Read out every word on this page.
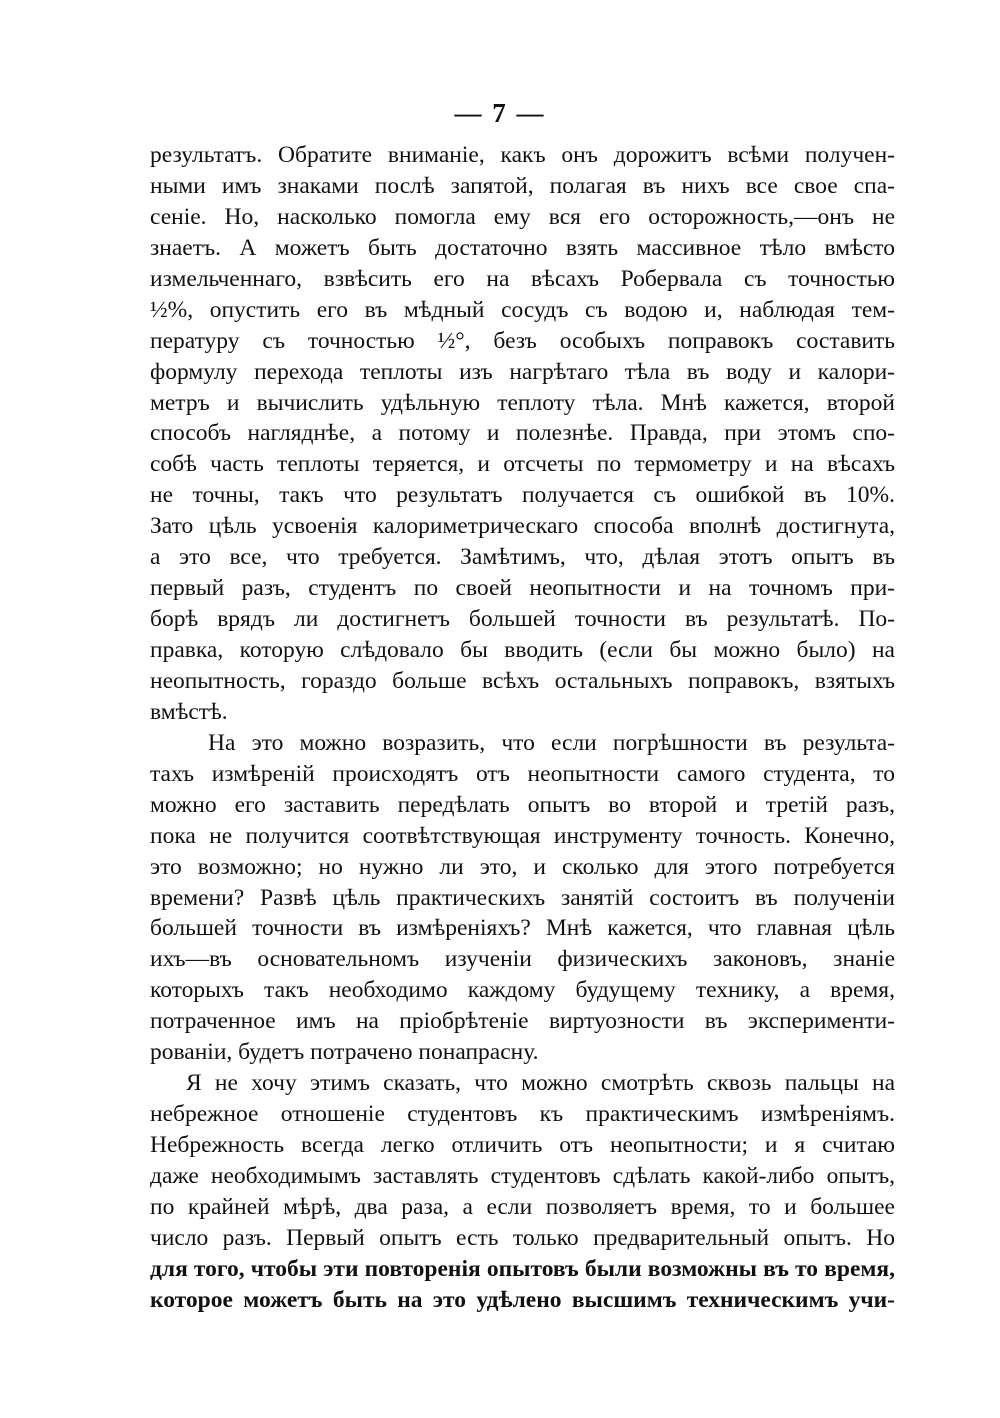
— 7 —
результатъ. Обратите вниманіе, какъ онъ дорожитъ всѣми получен-
ными имъ знаками послѣ запятой, полагая въ нихъ все свое спа-
сеніе. Но, насколько помогла ему вся его осторожность,—онъ не
знаетъ. А можетъ быть достаточно взять массивное тѣло вмѣсто
измельченнаго, взвѣсить его на вѣсахъ Робервала съ точностью
½%, опустить его въ мѣдный сосудъ съ водою и, наблюдая тем-
пературу съ точностью ½°, безъ особыхъ поправокъ составить
формулу перехода теплоты изъ нагрѣтаго тѣла въ воду и калори-
метръ и вычислить удѣльную теплоту тѣла. Мнѣ кажется, второй
способъ нагляднѣе, а потому и полезнѣе. Правда, при этомъ спо-
собѣ часть теплоты теряется, и отсчеты по термометру и на вѣсахъ
не точны, такъ что результатъ получается съ ошибкой въ 10%.
Зато цѣль усвоенія калориметрическаго способа вполнѣ достигнута,
а это все, что требуется. Замѣтимъ, что, дѣлая этотъ опытъ въ
первый разъ, студентъ по своей неопытности и на точномъ при-
борѣ врядъ ли достигнетъ большей точности въ результатѣ. По-
правка, которую слѣдовало бы вводить (если бы можно было) на
неопытность, гораздо больше всѣхъ остальныхъ поправокъ, взятыхъ
вмѣстѣ.
На это можно возразить, что если погрѣшности въ результа-
тахъ измѣреній происходятъ отъ неопытности самого студента, то
можно его заставить передѣлать опытъ во второй и третій разъ,
пока не получится соотвѣтствующая инструменту точность. Конечно,
это возможно; но нужно ли это, и сколько для этого потребуется
времени? Развѣ цѣль практическихъ занятій состоитъ въ полученіи
большей точности въ измѣреніяхъ? Мнѣ кажется, что главная цѣль
ихъ—въ основательномъ изученіи физическихъ законовъ, знаніе
которыхъ такъ необходимо каждому будущему технику, а время,
потраченное имъ на пріобрѣтеніе виртуозности въ эксперименти-
рованіи, будетъ потрачено понапрасну.
Я не хочу этимъ сказать, что можно смотрѣть сквозь пальцы на
небрежное отношеніе студентовъ къ практическимъ измѣреніямъ.
Небрежность всегда легко отличить отъ неопытности; и я считаю
даже необходимымъ заставлять студентовъ сдѣлать какой-либо опытъ,
по крайней мѣрѣ, два раза, а если позволяетъ время, то и большее
число разъ. Первый опытъ есть только предварительный опытъ. Но
для того, чтобы эти повторенія опытовъ были возможны въ то время,
которое можетъ быть на это удѣлено высшимъ техническимъ учи-
